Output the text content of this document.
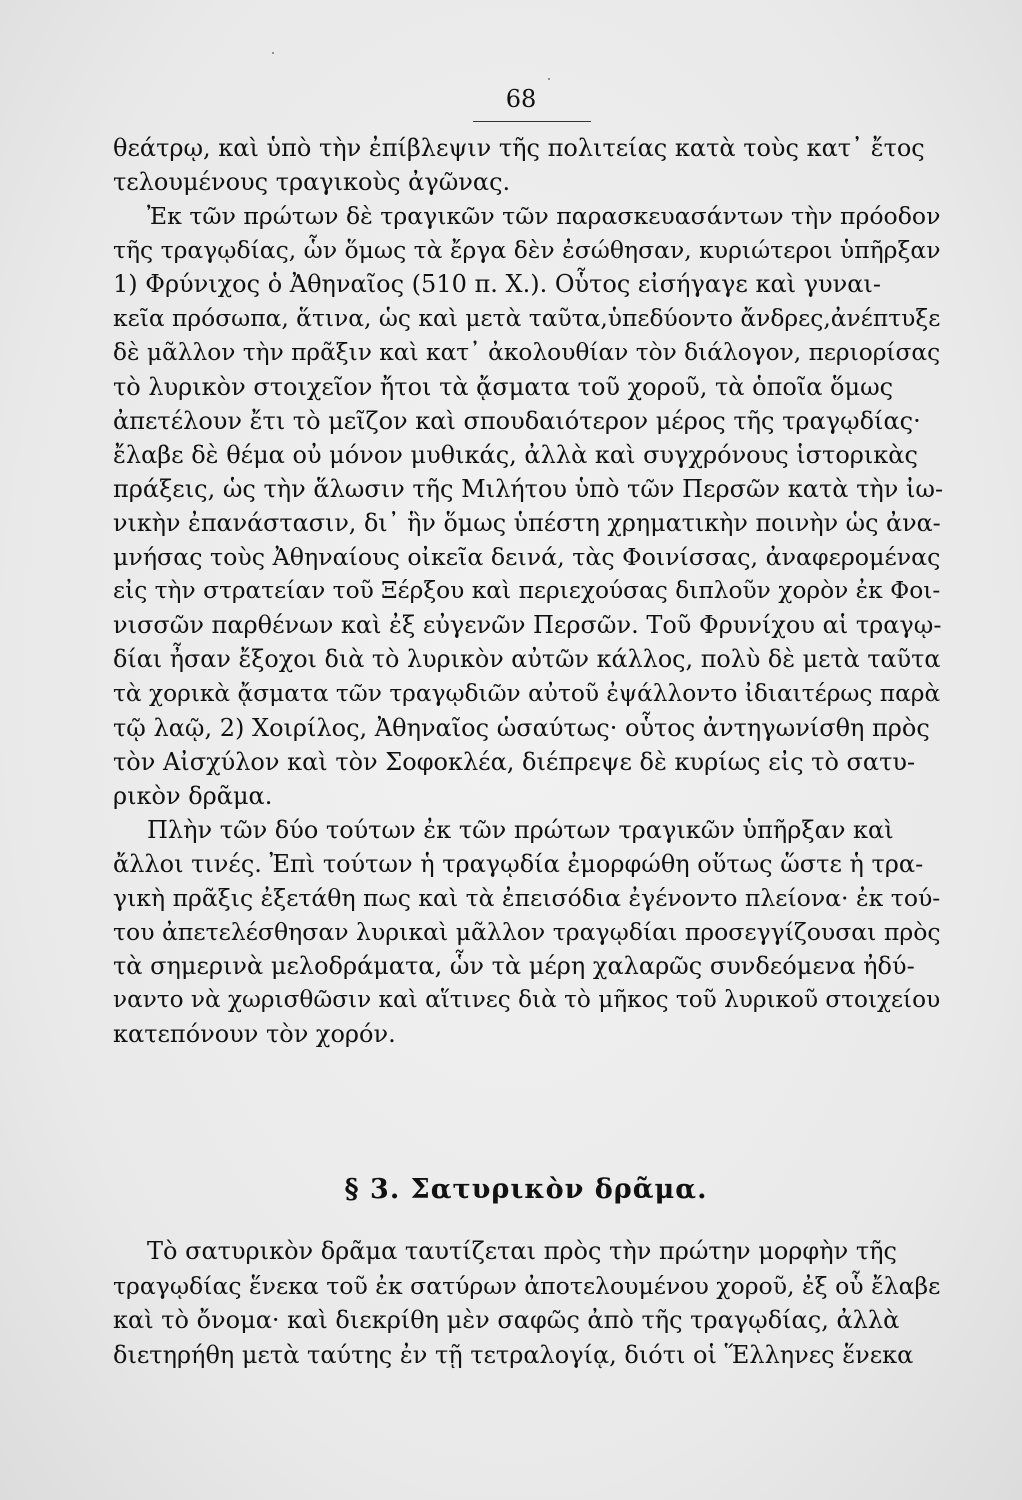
68
θεάτρῳ, καὶ ὑπὸ τὴν ἐπίβλεψιν τῆς πολιτείας κατὰ τοὺς κατ᾽ ἔτος
τελουμένους τραγικοὺς ἀγῶνας.
Ἐκ τῶν πρώτων δὲ τραγικῶν τῶν παρασκευασάντων τὴν πρόοδον
τῆς τραγῳδίας, ὧν ὅμως τὰ ἔργα δὲν ἐσώθησαν, κυριώτεροι ὑπῆρξαν
1) Φρύνιχος ὁ Ἀθηναῖος (510 π. Χ.). Οὗτος εἰσήγαγε καὶ γυναι-
κεῖα πρόσωπα, ἅτινα, ὡς καὶ μετὰ ταῦτα,ὑπεδύοντο ἄνδρες,ἀνέπτυξε
δὲ μᾶλλον τὴν πρᾶξιν καὶ κατ᾽ ἀκολουθίαν τὸν διάλογον, περιορίσας
τὸ λυρικὸν στοιχεῖον ἤτοι τὰ ᾄσματα τοῦ χοροῦ, τὰ ὁποῖα ὅμως
ἀπετέλουν ἔτι τὸ μεῖζον καὶ σπουδαιότερον μέρος τῆς τραγῳδίας·
ἔλαβε δὲ θέμα οὐ μόνον μυθικάς, ἀλλὰ καὶ συγχρόνους ἱστορικὰς
πράξεις, ὡς τὴν ἅλωσιν τῆς Μιλήτου ὑπὸ τῶν Περσῶν κατὰ τὴν ἰω-
νικὴν ἐπανάστασιν, δι᾽ ἣν ὅμως ὑπέστη χρηματικὴν ποινὴν ὡς ἀνα-
μνήσας τοὺς Ἀθηναίους οἰκεῖα δεινά, τὰς Φοινίσσας, ἀναφερομένας
εἰς τὴν στρατείαν τοῦ Ξέρξου καὶ περιεχούσας διπλοῦν χορὸν ἐκ Φοι-
νισσῶν παρθένων καὶ ἐξ εὐγενῶν Περσῶν. Τοῦ Φρυνίχου αἱ τραγῳ-
δίαι ἦσαν ἔξοχοι διὰ τὸ λυρικὸν αὐτῶν κάλλος, πολὺ δὲ μετὰ ταῦτα
τὰ χορικὰ ᾄσματα τῶν τραγῳδιῶν αὐτοῦ ἐψάλλοντο ἰδιαιτέρως παρὰ
τῷ λαῷ, 2) Χοιρίλος, Ἀθηναῖος ὡσαύτως· οὗτος ἀντηγωνίσθη πρὸς
τὸν Αἰσχύλον καὶ τὸν Σοφοκλέα, διέπρεψε δὲ κυρίως εἰς τὸ σατυ-
ρικὸν δρᾶμα.
Πλὴν τῶν δύο τούτων ἐκ τῶν πρώτων τραγικῶν ὑπῆρξαν καὶ
ἄλλοι τινές. Ἐπὶ τούτων ἡ τραγῳδία ἐμορφώθη οὕτως ὥστε ἡ τρα-
γικὴ πρᾶξις ἐξετάθη πως καὶ τὰ ἐπεισόδια ἐγένοντο πλείονα· ἐκ τού-
του ἀπετελέσθησαν λυρικαὶ μᾶλλον τραγῳδίαι προσεγγίζουσαι πρὸς
τὰ σημερινὰ μελοδράματα, ὧν τὰ μέρη χαλαρῶς συνδεόμενα ἠδύ-
ναντο νὰ χωρισθῶσιν καὶ αἵτινες διὰ τὸ μῆκος τοῦ λυρικοῦ στοιχείου
κατεπόνουν τὸν χορόν.
§ 3. Σατυρικὸν δρᾶμα.
Τὸ σατυρικὸν δρᾶμα ταυτίζεται πρὸς τὴν πρώτην μορφὴν τῆς
τραγῳδίας ἕνεκα τοῦ ἐκ σατύρων ἀποτελουμένου χοροῦ, ἐξ οὗ ἔλαβε
καὶ τὸ ὄνομα· καὶ διεκρίθη μὲν σαφῶς ἀπὸ τῆς τραγῳδίας, ἀλλὰ
διετηρήθη μετὰ ταύτης ἐν τῇ τετραλογίᾳ, διότι οἱ Ἕλληνες ἕνεκα
